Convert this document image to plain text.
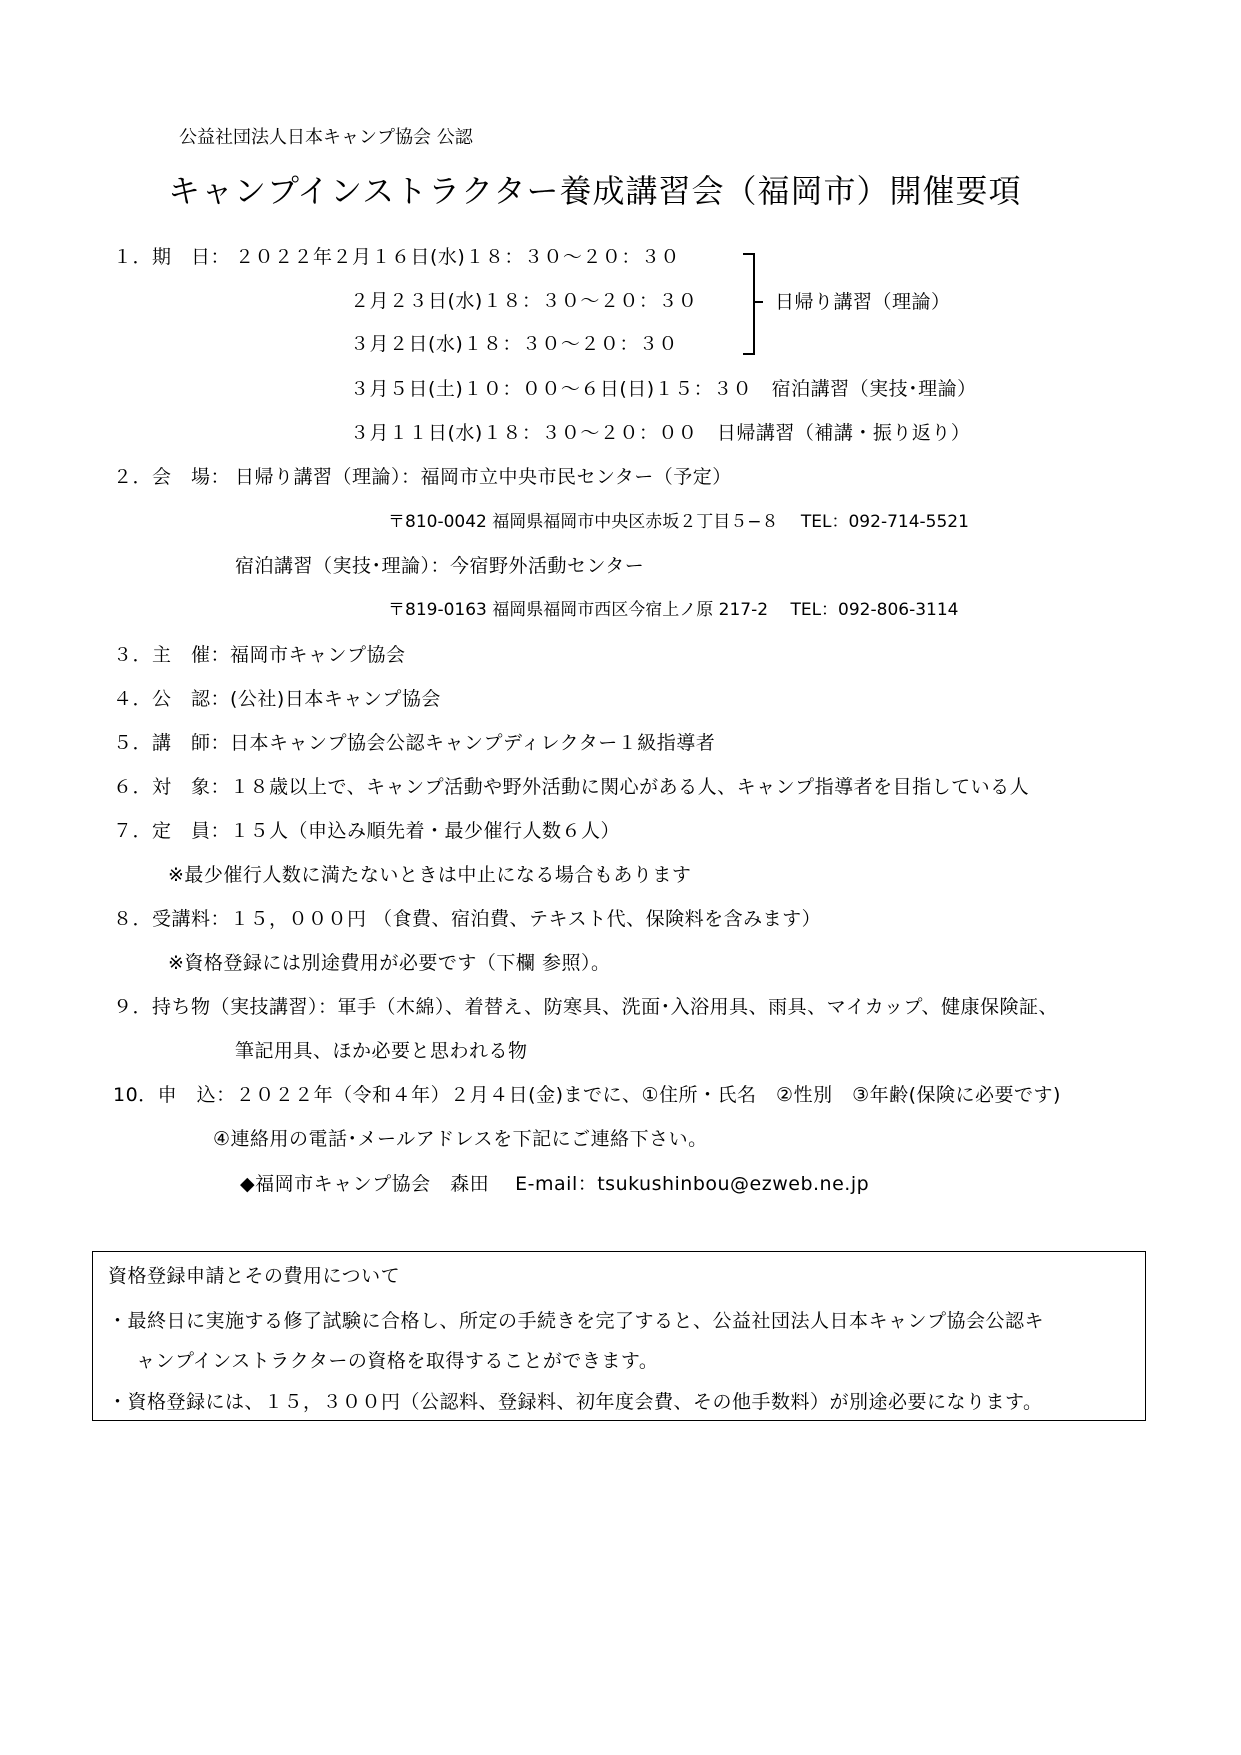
公益社団法人日本キャンプ協会 公認
キャンプインストラクター養成講習会（福岡市）開催要項
１．期　日： ２０２２年２月１６日(水)１８：３０〜２０：３０
２月２３日(水)１８：３０〜２０：３０
３月２日(水)１８：３０〜２０：３０
日帰り講習（理論）
３月５日(土)１０：００〜６日(日)１５：３０　宿泊講習（実技･理論）
３月１１日(水)１８：３０〜２０：００　日帰講習（補講・振り返り）
２．会　場： 日帰り講習（理論）：福岡市立中央市民センター（予定）
〒810-0042 福岡県福岡市中央区赤坂２丁目５−８　 TEL：092-714-5521
宿泊講習（実技･理論）：今宿野外活動センター
〒819-0163 福岡県福岡市西区今宿上ノ原 217-2　 TEL：092-806-3114
３．主　催：福岡市キャンプ協会
４．公　認：(公社)日本キャンプ協会
５．講　師：日本キャンプ協会公認キャンプディレクター１級指導者
６．対　象：１８歳以上で、キャンプ活動や野外活動に関心がある人、キャンプ指導者を目指している人
７．定　員：１５人（申込み順先着・最少催行人数６人）
※最少催行人数に満たないときは中止になる場合もあります
８．受講料：１５，０００円 （食費、宿泊費、テキスト代、保険料を含みます）
※資格登録には別途費用が必要です（下欄 参照）。
９．持ち物（実技講習）：軍手（木綿）、着替え、防寒具、洗面･入浴用具、雨具、マイカップ、健康保険証、
筆記用具、ほか必要と思われる物
10．申　込：２０２２年（令和４年）２月４日(金)までに、①住所・氏名　②性別　③年齢(保険に必要です)
④連絡用の電話･メールアドレスを下記にご連絡下さい。
◆福岡市キャンプ協会　森田　 E-mail：tsukushinbou@ezweb.ne.jp
資格登録申請とその費用について
・最終日に実施する修了試験に合格し、所定の手続きを完了すると、公益社団法人日本キャンプ協会公認キ
ャンプインストラクターの資格を取得することができます。
・資格登録には、１５，３００円（公認料、登録料、初年度会費、その他手数料）が別途必要になります。
